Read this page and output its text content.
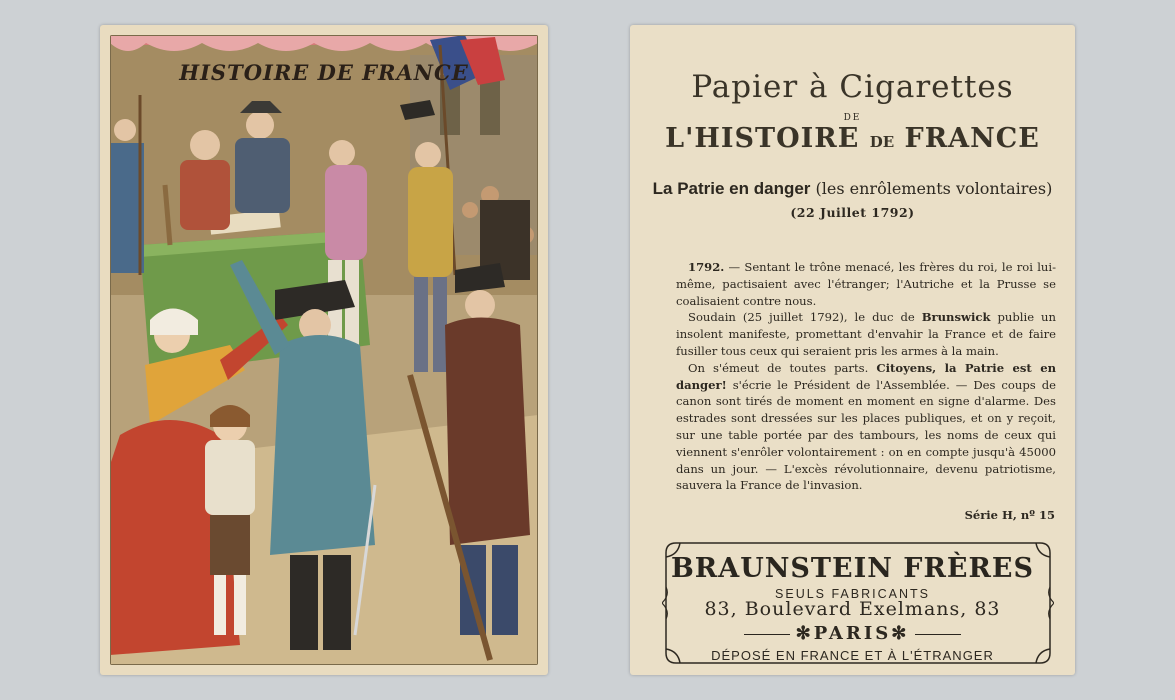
HISTOIRE DE FRANCE	Papier à Cigarettes
DE
L'HISTOIRE DE FRANCE
La Patrie en danger (les enrôlements volontaires)
(22 Juillet 1792)

1792. — Sentant le trône menacé, les frères du roi, le roi lui-même, pactisaient avec l'étranger; l'Autriche et la Prusse se coalisaient contre nous.

Soudain (25 juillet 1792), le duc de Brunswick publie un insolent manifeste, promettant d'envahir la France et de faire fusiller tous ceux qui seraient pris les armes à la main.

On s'émeut de toutes parts. Citoyens, la Patrie est en danger! s'écrie le Président de l'Assemblée. — Des coups de canon sont tirés de moment en moment en signe d'alarme. Des estrades sont dressées sur les places publiques, et on y reçoit, sur une table portée par des tambours, les noms de ceux qui viennent s'enrôler volontairement : on en compte jusqu'à 45000 dans un jour. — L'excès révolutionnaire, devenu patriotisme, sauvera la France de l'invasion.

Série H, nº 15
BRAUNSTEIN FRÈRES
SEULS FABRICANTS
83, Boulevard Exelmans, 83
✻PARIS✻
DÉPOSÉ EN FRANCE ET À L'ÉTRANGER
